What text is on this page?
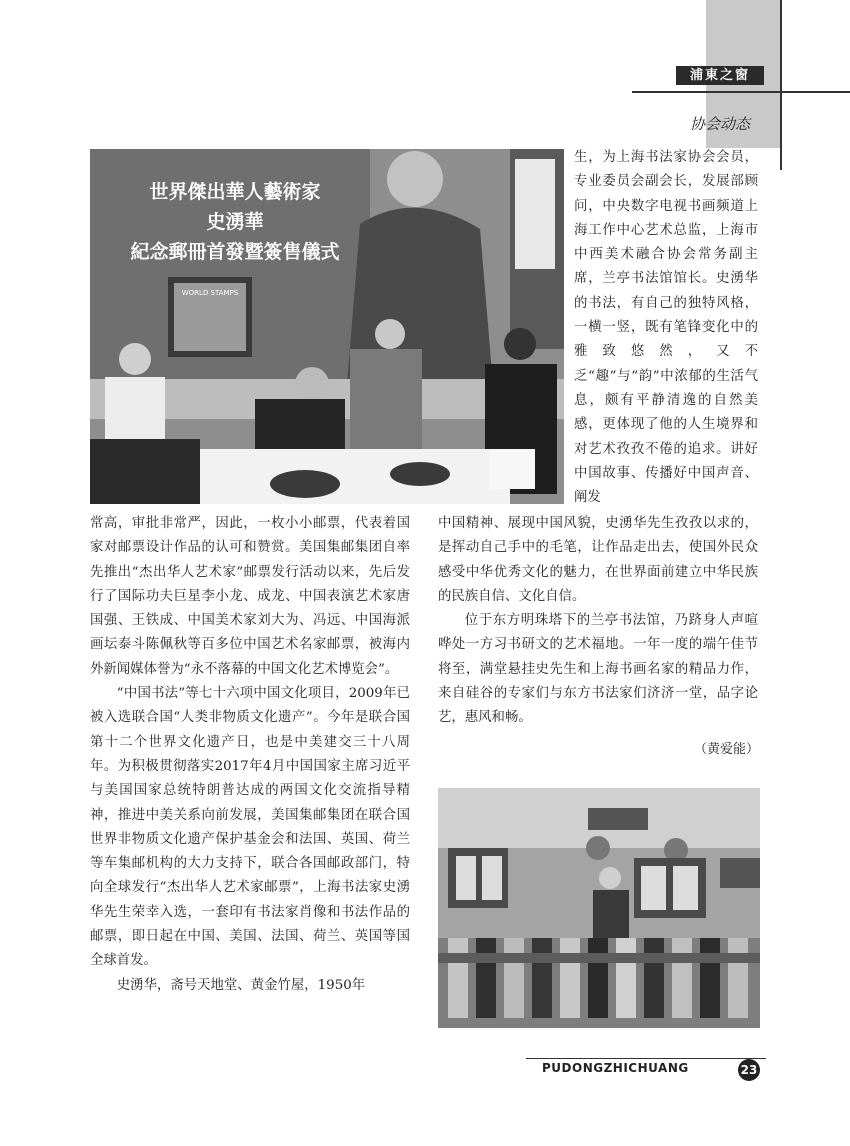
浦東之窗
协会动态
世界傑出華人藝術家
史湧華
紀念郵冊首發暨簽售儀式
WORLD STAMPS

生，为上海书法家协会会员，专业委员会副会长，发展部顾问，中央数字电视书画频道上海工作中心艺术总监，上海市中西美术融合协会常务副主席，兰亭书法馆馆长。史湧华的书法，有自己的独特风格，一横一竖，既有笔锋变化中的雅致悠然，又不乏“趣”与“韵”中浓郁的生活气息，颇有平静清逸的自然美感，更体现了他的人生境界和对艺术孜孜不倦的追求。讲好中国故事、传播好中国声音、阐发

常高，审批非常严，因此，一枚小小邮票，代表着国家对邮票设计作品的认可和赞赏。美国集邮集团自率先推出“杰出华人艺术家”邮票发行活动以来，先后发行了国际功夫巨星李小龙、成龙、中国表演艺术家唐国强、王铁成、中国美术家刘大为、冯远、中国海派画坛泰斗陈佩秋等百多位中国艺术名家邮票，被海内外新闻媒体誉为“永不落幕的中国文化艺术博览会”。

“中国书法”等七十六项中国文化项目，2009年已被入选联合国“人类非物质文化遗产”。今年是联合国第十二个世界文化遗产日，也是中美建交三十八周年。为积极贯彻落实2017年4月中国国家主席习近平与美国国家总统特朗普达成的两国文化交流指导精神，推进中美关系向前发展，美国集邮集团在联合国世界非物质文化遗产保护基金会和法国、英国、荷兰等车集邮机构的大力支持下，联合各国邮政部门，特向全球发行“杰出华人艺术家邮票”，上海书法家史湧华先生荣幸入选，一套印有书法家肖像和书法作品的邮票，即日起在中国、美国、法国、荷兰、英国等国全球首发。

史湧华，斋号天地堂、黄金竹屋，1950年

中国精神、展现中国风貌，史湧华先生孜孜以求的，是挥动自己手中的毛笔，让作品走出去，使国外民众感受中华优秀文化的魅力，在世界面前建立中华民族的民族自信、文化自信。

位于东方明珠塔下的兰亭书法馆，乃跻身人声喧哗处一方习书研文的艺术福地。一年一度的端午佳节将至，满堂悬挂史先生和上海书画名家的精品力作，来自硅谷的专家们与东方书法家们济济一堂，品字论艺，惠风和畅。

（黄爱能）
PUDONGZHICHUANG	23
